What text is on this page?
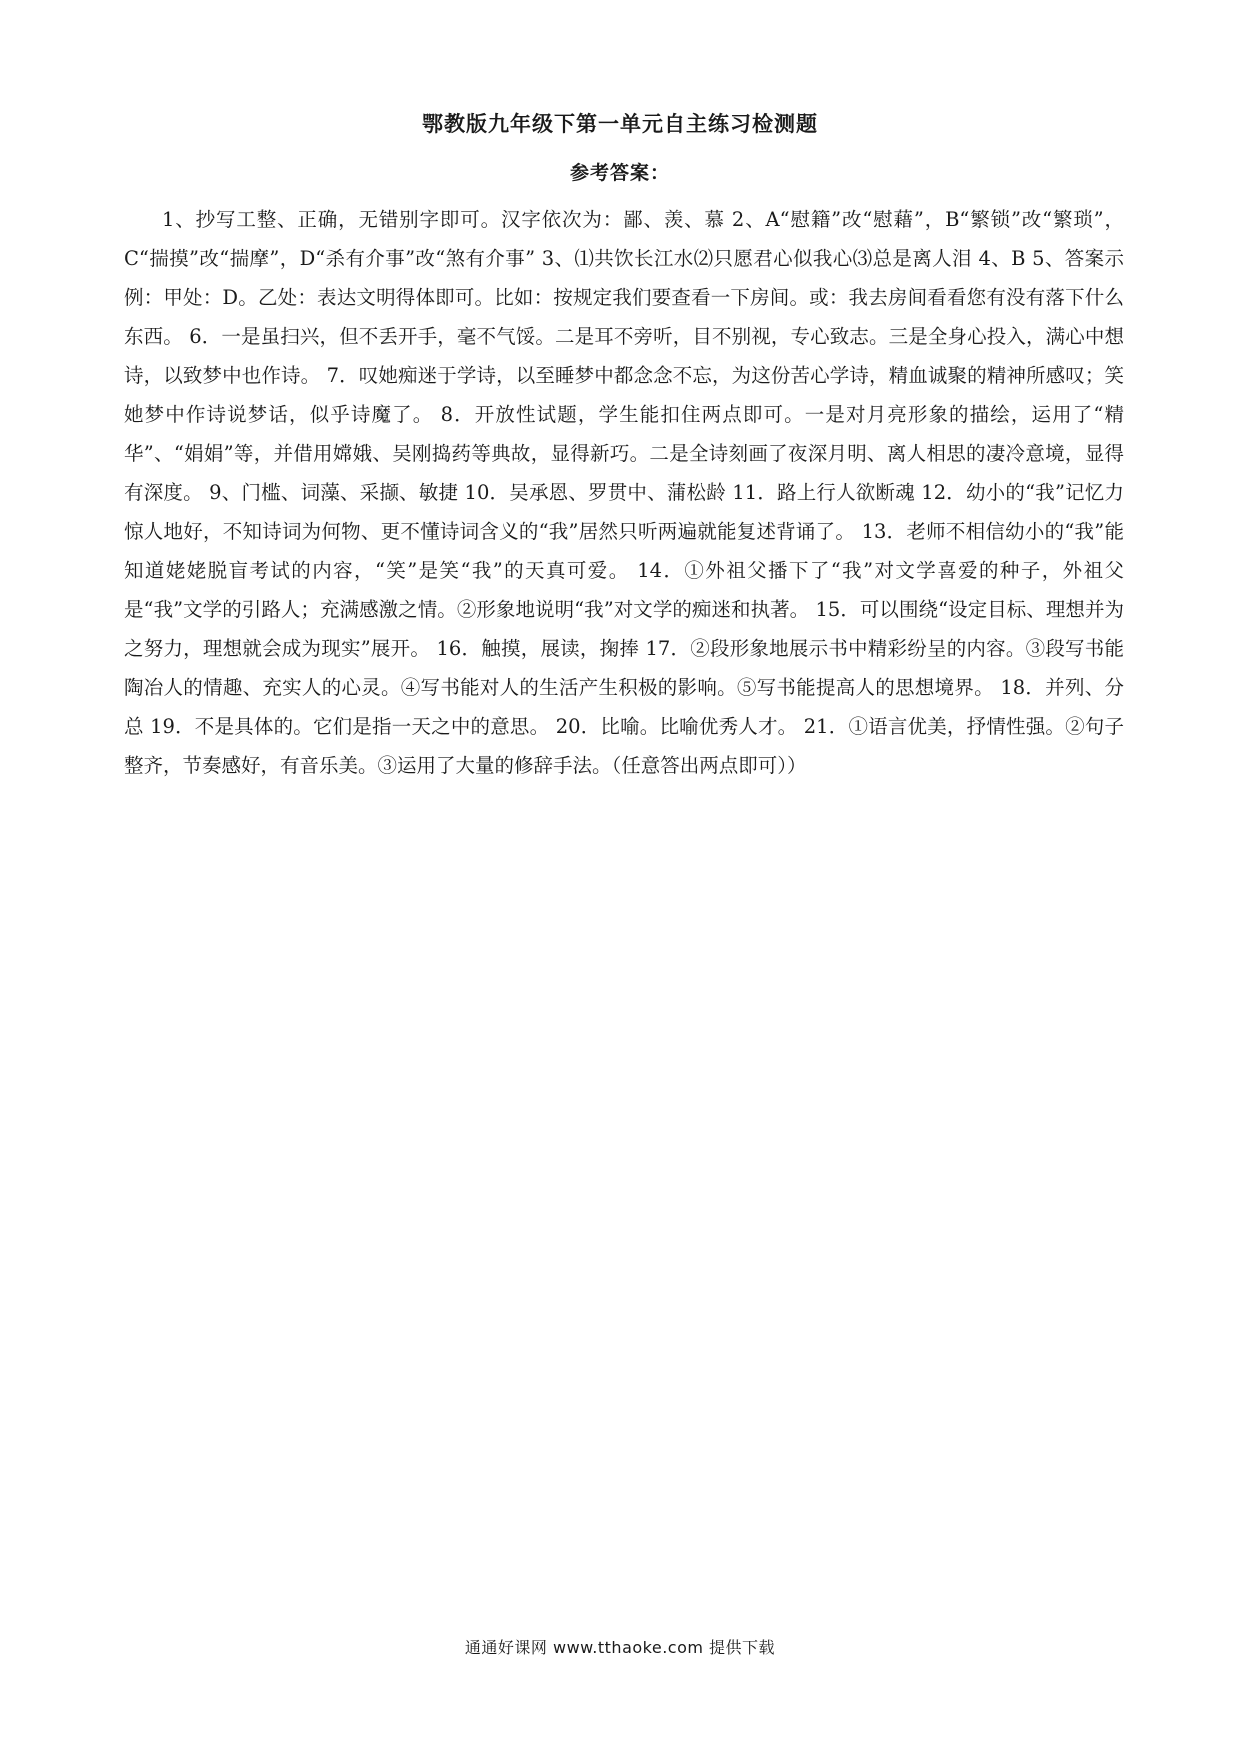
鄂教版九年级下第一单元自主练习检测题
参考答案：
1、抄写工整、正确，无错别字即可。汉字依次为：鄙、羡、慕 2、A“慰籍”改“慰藉”，B“繁锁”改“繁琐”，C“揣摸”改“揣摩”，D“杀有介事”改“煞有介事” 3、⑴共饮长江水⑵只愿君心似我心⑶总是离人泪 4、B 5、答案示例：甲处：D。乙处：表达文明得体即可。比如：按规定我们要查看一下房间。或：我去房间看看您有没有落下什么东西。 6．一是虽扫兴，但不丢开手，毫不气馁。二是耳不旁听，目不别视，专心致志。三是全身心投入，满心中想诗，以致梦中也作诗。 7．叹她痴迷于学诗，以至睡梦中都念念不忘，为这份苦心学诗，精血诚聚的精神所感叹；笑她梦中作诗说梦话，似乎诗魔了。 8．开放性试题，学生能扣住两点即可。一是对月亮形象的描绘，运用了“精华”、“娟娟”等，并借用嫦娥、吴刚捣药等典故，显得新巧。二是全诗刻画了夜深月明、离人相思的凄冷意境，显得有深度。 9、门槛、词藻、采撷、敏捷 10．吴承恩、罗贯中、蒲松龄 11．路上行人欲断魂 12．幼小的“我”记忆力惊人地好，不知诗词为何物、更不懂诗词含义的“我”居然只听两遍就能复述背诵了。 13．老师不相信幼小的“我”能知道姥姥脱盲考试的内容，“笑”是笑“我”的天真可爱。 14．①外祖父播下了“我”对文学喜爱的种子，外祖父是“我”文学的引路人；充满感激之情。②形象地说明“我”对文学的痴迷和执著。 15．可以围绕“设定目标、理想并为之努力，理想就会成为现实”展开。 16．触摸，展读，掬捧 17．②段形象地展示书中精彩纷呈的内容。③段写书能陶冶人的情趣、充实人的心灵。④写书能对人的生活产生积极的影响。⑤写书能提高人的思想境界。 18．并列、分总 19．不是具体的。它们是指一天之中的意思。 20．比喻。比喻优秀人才。 21．①语言优美，抒情性强。②句子整齐，节奏感好，有音乐美。③运用了大量的修辞手法。（任意答出两点即可））
通通好课网 www.tthaoke.com 提供下载
